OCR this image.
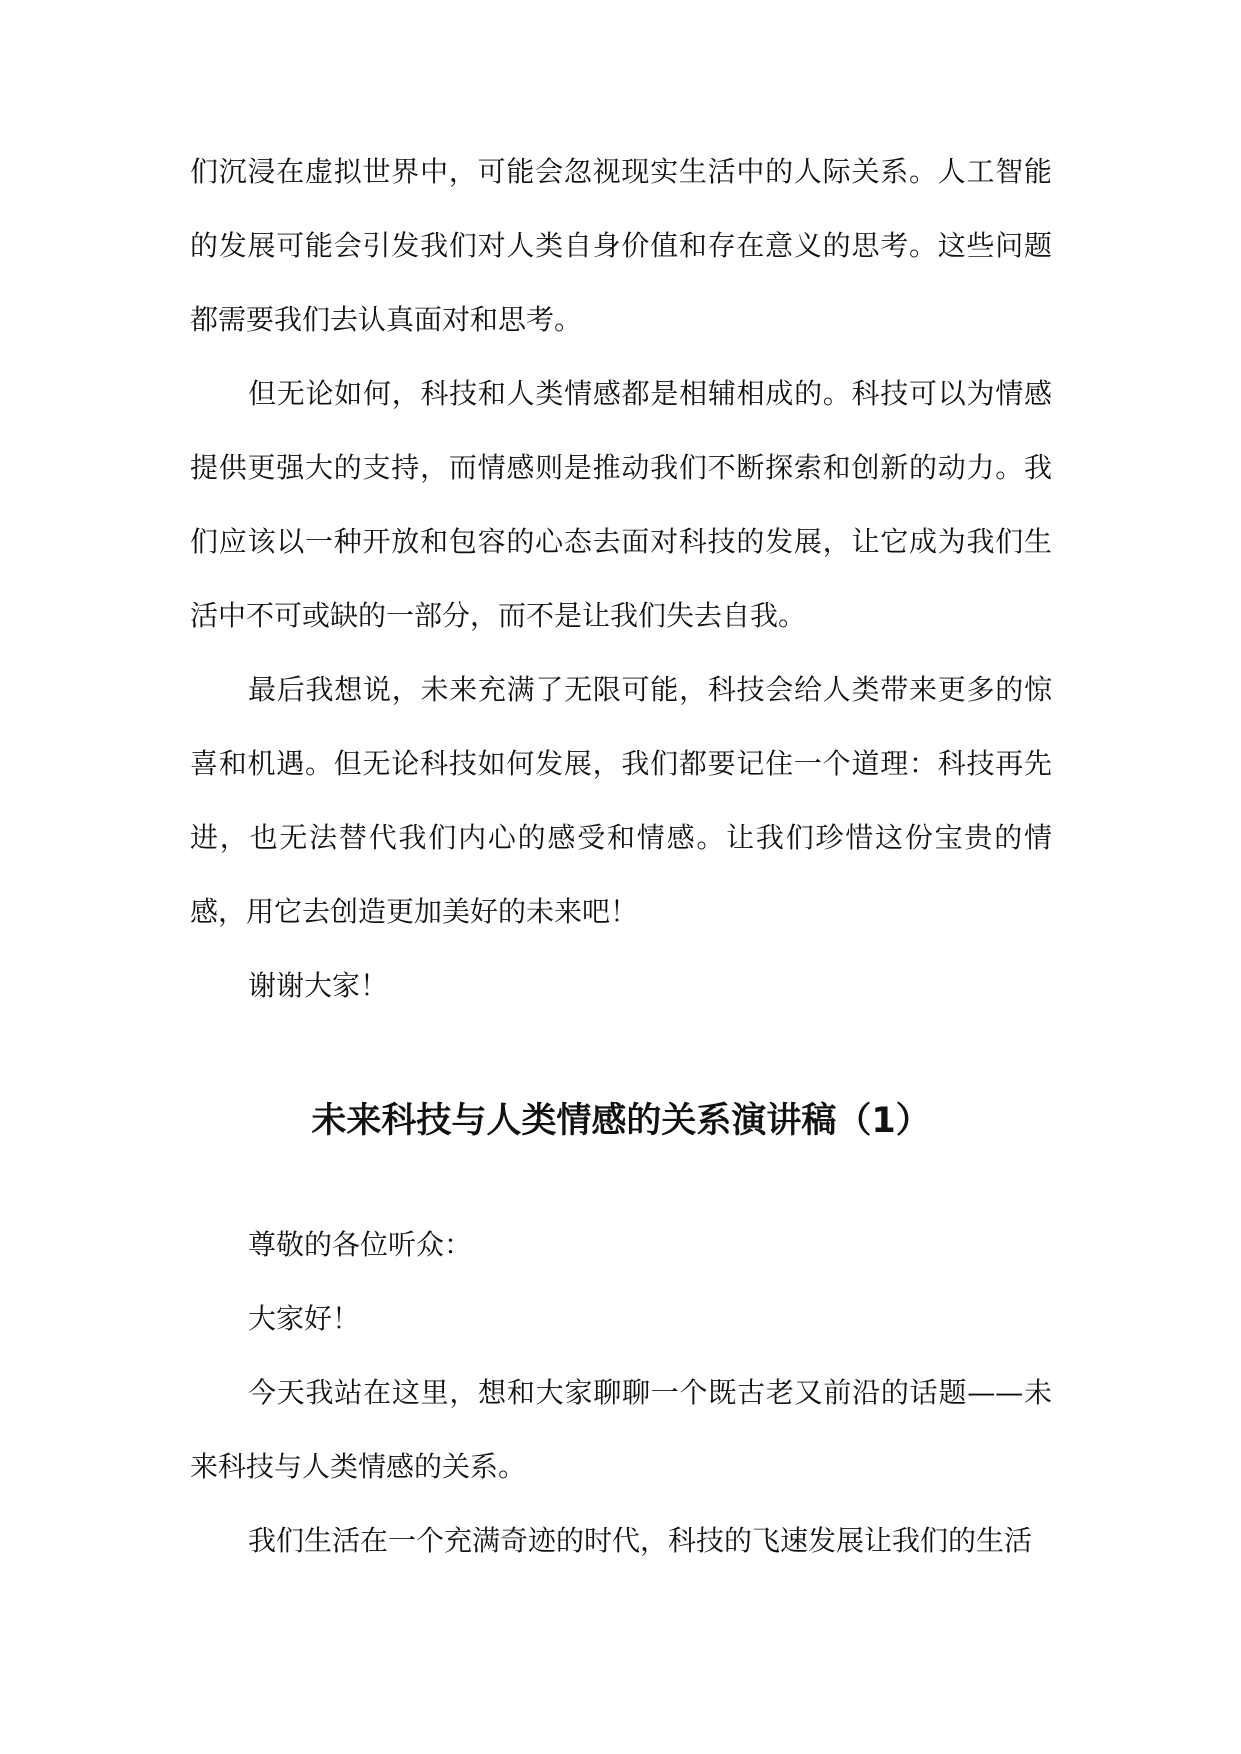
们沉浸在虚拟世界中，可能会忽视现实生活中的人际关系。人工智能的发展可能会引发我们对人类自身价值和存在意义的思考。这些问题都需要我们去认真面对和思考。

但无论如何，科技和人类情感都是相辅相成的。科技可以为情感提供更强大的支持，而情感则是推动我们不断探索和创新的动力。我们应该以一种开放和包容的心态去面对科技的发展，让它成为我们生活中不可或缺的一部分，而不是让我们失去自我。

最后我想说，未来充满了无限可能，科技会给人类带来更多的惊喜和机遇。但无论科技如何发展，我们都要记住一个道理：科技再先进，也无法替代我们内心的感受和情感。让我们珍惜这份宝贵的情感，用它去创造更加美好的未来吧！

谢谢大家！

未来科技与人类情感的关系演讲稿（1）

尊敬的各位听众：

大家好！

今天我站在这里，想和大家聊聊一个既古老又前沿的话题——未来科技与人类情感的关系。

我们生活在一个充满奇迹的时代，科技的飞速发展让我们的生活
